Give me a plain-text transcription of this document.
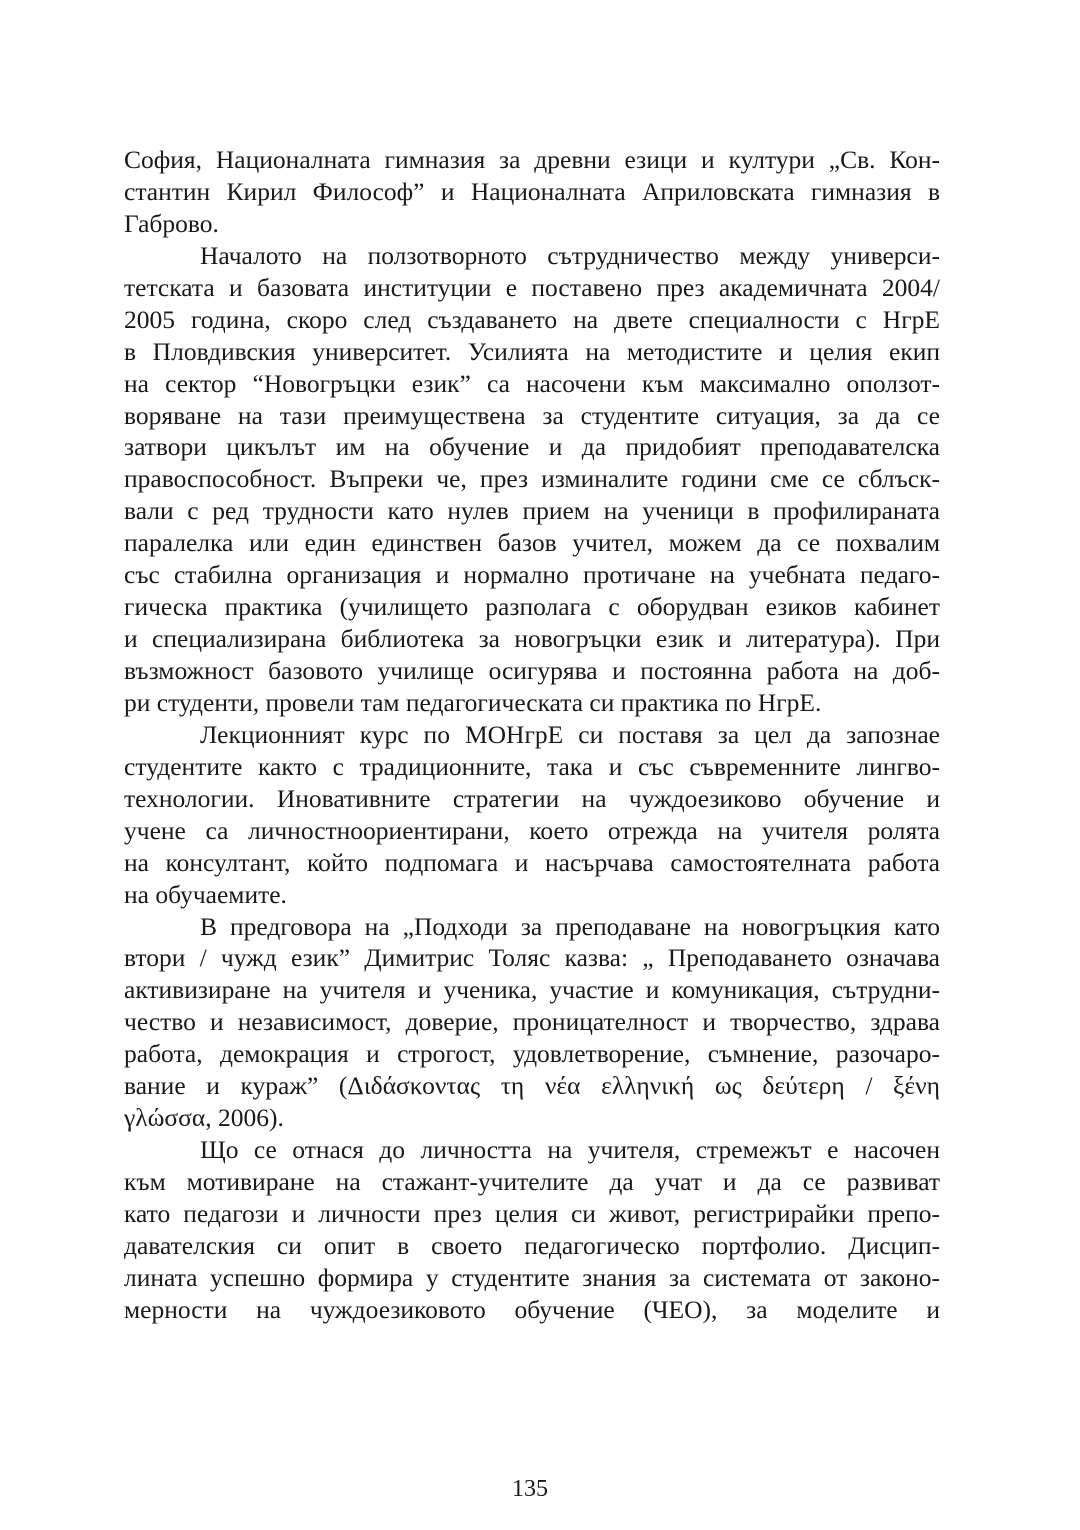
София, Националната гимназия за древни езици и култури „Св. Кон-
стантин Кирил Философ” и Националната Априловската гимназия в
Габрово.
Началото на ползотворното сътрудничество между универси-
тетската и базовата институции е поставено през академичната 2004/
2005 година, скоро след създаването на двете специалности с НгрЕ
в Пловдивския университет. Усилията на методистите и целия екип
на сектор “Новогръцки език” са насочени към максимално оползот-
воряване на тази преимуществена за студентите ситуация, за да се
затвори цикълът им на обучение и да придобият преподавателска
правоспособност. Въпреки че, през изминалите години сме се сблъск-
вали с ред трудности като нулев прием на ученици в профилираната
паралелка или един единствен базов учител, можем да се похвалим
със стабилна организация и нормално протичане на учебната педаго-
гическа практика (училището разполага с оборудван езиков кабинет
и специализирана библиотека за новогръцки език и литература). При
възможност базовото училище осигурява и постоянна работа на доб-
ри студенти, провели там педагогическата си практика по НгрЕ.
Лекционният курс по МОНгрЕ си поставя за цел да запознае
студентите както с традиционните, така и със съвременните лингво-
технологии. Иновативните стратегии на чуждоезиково обучение и
учене са личностноориентирани, което отрежда на учителя ролята
на консултант, който подпомага и насърчава самостоятелната работа
на обучаемите.
В предговора на „Подходи за преподаване на новогръцкия като
втори / чужд език” Димитрис Толяс казва: „ Преподаването означава
активизиране на учителя и ученика, участие и комуникация, сътрудни-
чество и независимост, доверие, проницателност и творчество, здрава
работа, демокрация и строгост, удовлетворение, съмнение, разочаро-
вание и кураж” (Διδάσκοντας τη νέα ελληνική ως δεύτερη / ξένη
γλώσσα, 2006).
Що се отнася до личността на учителя, стремежът е насочен
към мотивиране на стажант-учителите да учат и да се развиват
като педагози и личности през целия си живот, регистрирайки препо-
давателския си опит в своето педагогическо портфолио. Дисцип-
лината успешно формира у студентите знания за системата от законо-
мерности на чуждоезиковото обучение (ЧЕО), за моделите и
135
